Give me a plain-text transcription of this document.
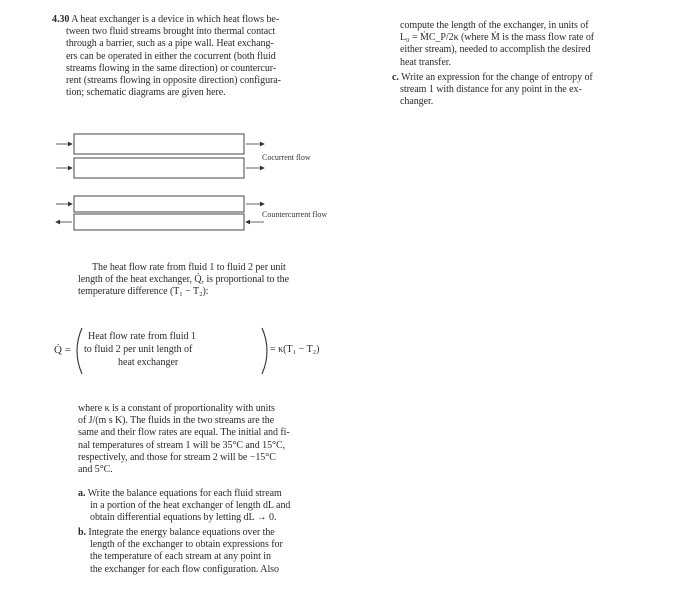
4.30 A heat exchanger is a device in which heat flows be-
tween two fluid streams brought into thermal contact
through a barrier, such as a pipe wall. Heat exchang-
ers can be operated in either the cocurrent (both fluid
streams flowing in the same direction) or countercur-
rent (streams flowing in opposite direction) configura-
tion; schematic diagrams are given here.
Cocurrent flow
Countercurrent flow
The heat flow rate from fluid 1 to fluid 2 per unit
length of the heat exchanger, Q̇, is proportional to the
temperature difference (T₁ − T₂):
Q̇ =
Heat flow rate from fluid 1
to fluid 2 per unit length of
heat exchanger
= κ(T₁ − T₂)
where κ is a constant of proportionality with units
of J/(m s K). The fluids in the two streams are the
same and their flow rates are equal. The initial and fi-
nal temperatures of stream 1 will be 35°C and 15°C,
respectively, and those for stream 2 will be −15°C
and 5°C.
a. Write the balance equations for each fluid stream
in a portion of the heat exchanger of length dL and
obtain differential equations by letting dL → 0.
b. Integrate the energy balance equations over the
length of the exchanger to obtain expressions for
the temperature of each stream at any point in
the exchanger for each flow configuration. Also
compute the length of the exchanger, in units of
L₀ = ṀC_P/2κ (where Ṁ is the mass flow rate of
either stream), needed to accomplish the desired
heat transfer.
c. Write an expression for the change of entropy of
stream 1 with distance for any point in the ex-
changer.
